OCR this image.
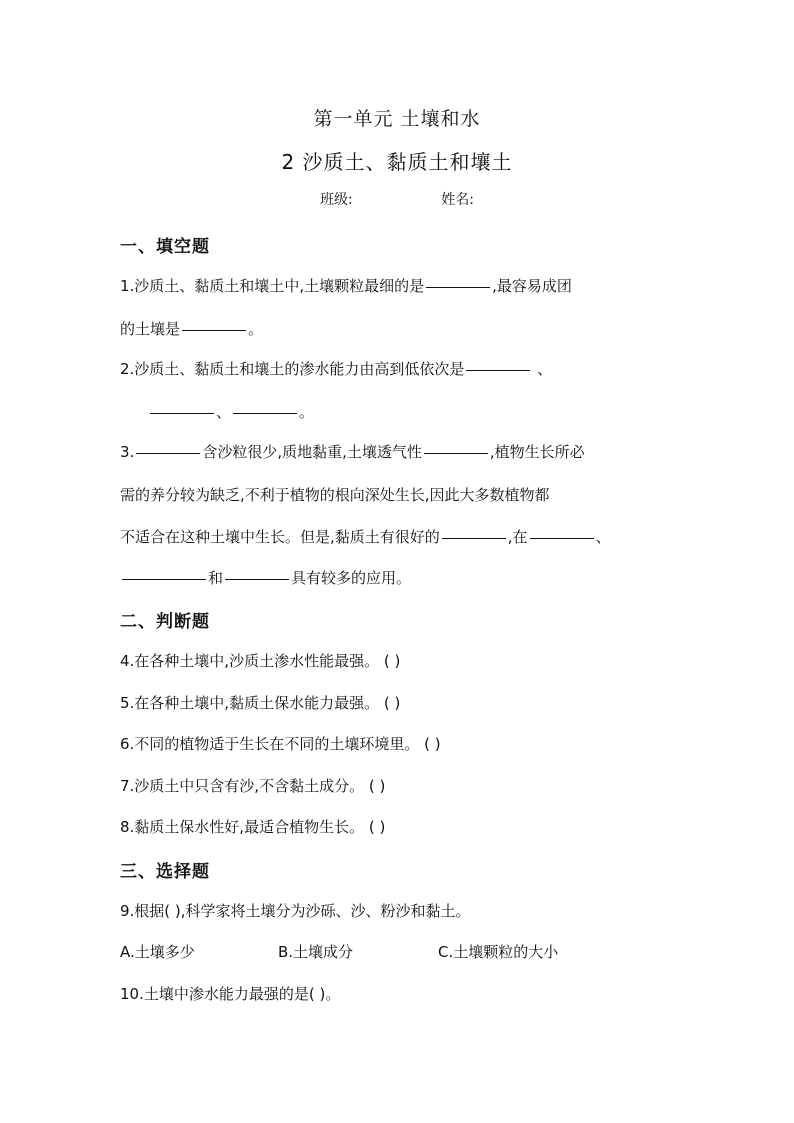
第一单元 土壤和水
2 沙质土、黏质土和壤土
班级:	姓名:
一、填空题
1.沙质土、黏质土和壤土中,土壤颗粒最细的是	,最容易成团
的土壤是	。
2.沙质土、黏质土和壤土的渗水能力由高到低依次是	、
、	。
3.	含沙粒很少,质地黏重,土壤透气性	,植物生长所必
需的养分较为缺乏,不利于植物的根向深处生长,因此大多数植物都
不适合在这种土壤中生长。但是,黏质土有很好的	,在	、
和	具有较多的应用。
二、判断题
4.在各种土壤中,沙质土渗水性能最强。 ( )
5.在各种土壤中,黏质土保水能力最强。 ( )
6.不同的植物适于生长在不同的土壤环境里。 ( )
7.沙质土中只含有沙,不含黏土成分。 ( )
8.黏质土保水性好,最适合植物生长。 ( )
三、选择题
9.根据( ),科学家将土壤分为沙砾、沙、粉沙和黏土。
A.土壤多少	B.土壤成分	C.土壤颗粒的大小
10.土壤中渗水能力最强的是( )。
